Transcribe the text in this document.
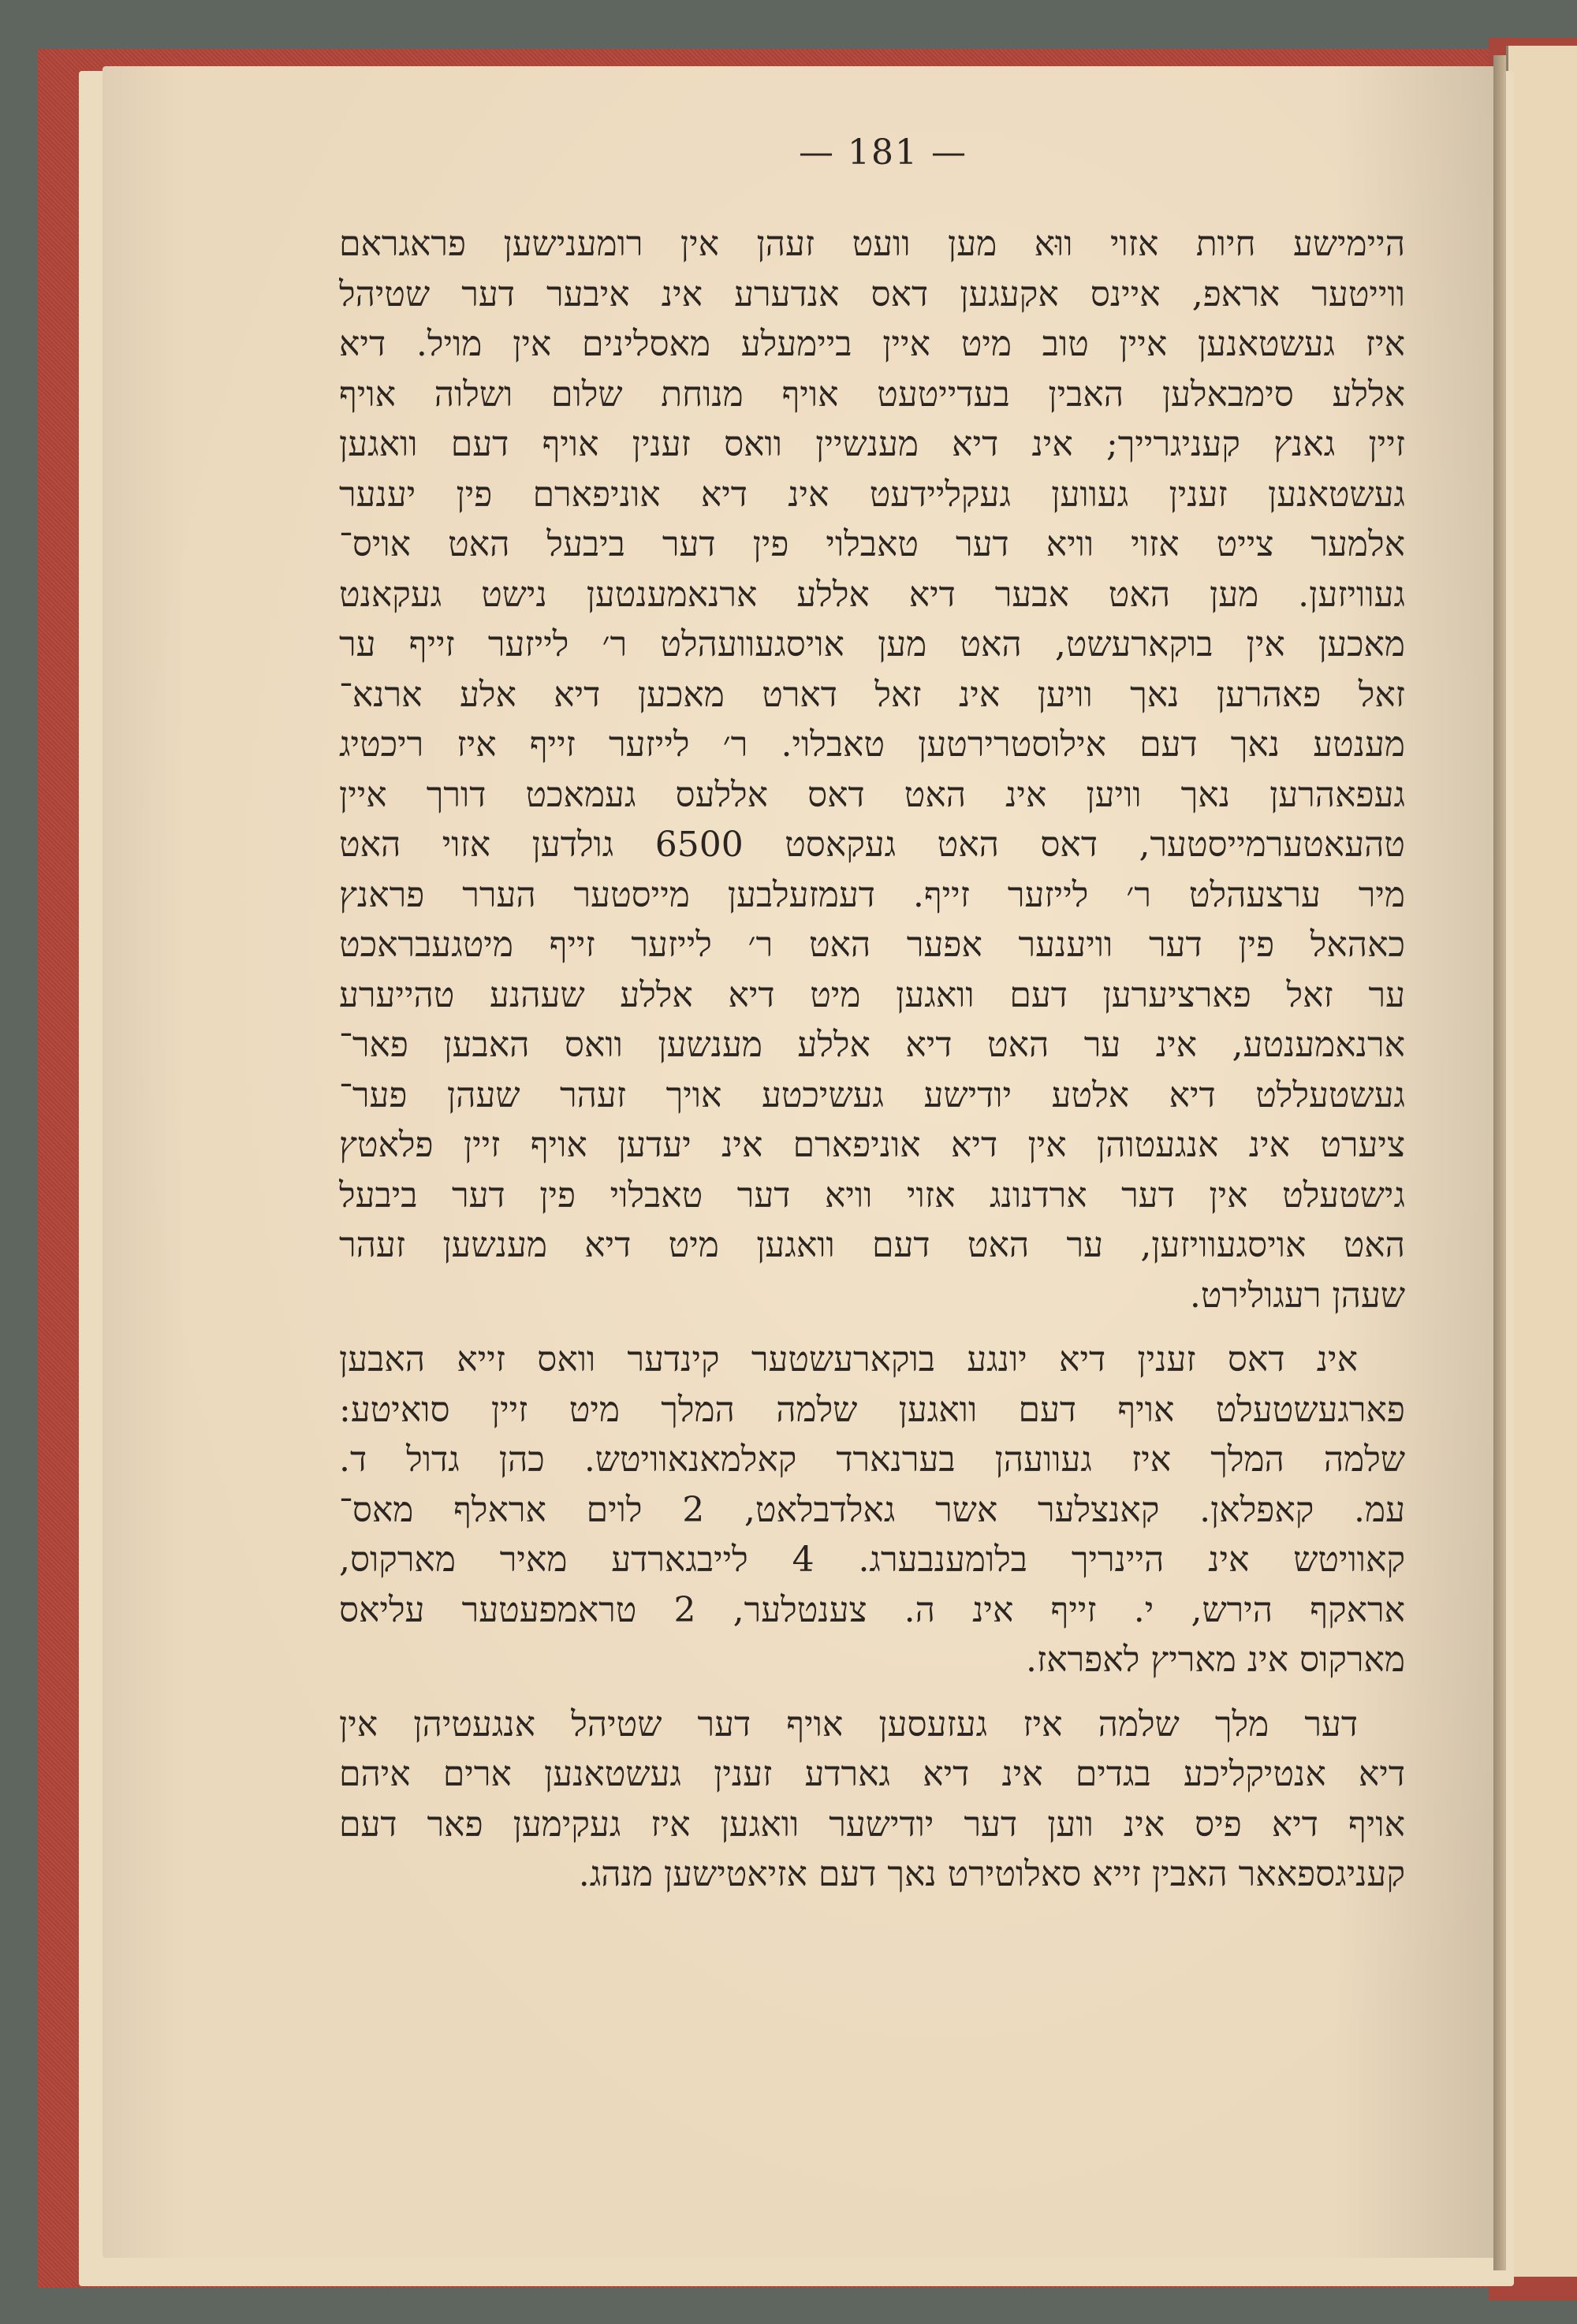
— 181 —
היימישע חיות אזוי ווּא מען וועט זעהן אין רומענישען פראגראם
ווייטער אראפ, איינס אקעגען דאס אנדערע אינ איבער דער שטיהל
איז געשטאנען איין טוב מיט איין ביימעלע מאסלינים אין מויל. דיא
אללע סימבאלען האבין בעדייטעט אויף מנוחת שלום ושלוה אויף
זיין גאנץ קעניגרייך; אינ דיא מענשיין וואס זענין אויף דעם וואגען
געשטאנען זענין געווען געקליידעט אינ דיא אוניפארם פין יענער
אלמער צייט אזוי וויא דער טאבלוי פין דער ביבעל האט אויס־
געוויזען. מען האט אבער דיא אללע ארנאמענטען נישט געקאנט
מאכען אין בוקארעשט, האט מען אויסגעוועהלט ר׳ לייזער זייף ער
זאל פאהרען נאך וויען אינ זאל דארט מאכען דיא אלע ארנא־
מענטע נאך דעם אילוסטרירטען טאבלוי. ר׳ לייזער זייף איז ריכטיג
געפאהרען נאך וויען אינ האט דאס אללעס געמאכט דורך איין
טהעאטערמייסטער, דאס האט געקאסט 6500 גולדען אזוי האט
מיר ערצעהלט ר׳ לייזער זייף. דעמזעלבען מייסטער הערר פראנץ
כאהאל פין דער וויענער אפער האט ר׳ לייזער זייף מיטגעבראכט
ער זאל פארציערען דעם וואגען מיט דיא אללע שעהנע טהייערע
ארנאמענטע, אינ ער האט דיא אללע מענשען וואס האבען פאר־
געשטעללט דיא אלטע יודישע געשיכטע אויך זעהר שעהן פער־
ציערט אינ אנגעטוהן אין דיא אוניפארם אינ יעדען אויף זיין פלאטץ
גישטעלט אין דער ארדנונג אזוי וויא דער טאבלוי פין דער ביבעל
האט אויסגעוויזען, ער האט דעם וואגען מיט דיא מענשען זעהר
שעהן רעגולירט.
אינ דאס זענין דיא יונגע בוקארעשטער קינדער וואס זייא האבען
פארגעשטעלט אויף דעם וואגען שלמה המלך מיט זיין סואיטע:
שלמה המלך איז געוועהן בערנארד קאלמאנאוויטש. כהן גדול ד.
עמ. קאפלאן. קאנצלער אשר גאלדבלאט, 2 לוים אראלף מאס־
קאוויטש אינ היינריך בלומענבערג. 4 לייבגארדע מאיר מארקוס,
אראקף הירש, י. זייף אינ ה. צענטלער, 2 טראמפעטער עליאס
מארקוס אינ מאריץ לאפראז.
דער מלך שלמה איז געזעסען אויף דער שטיהל אנגעטיהן אין
דיא אנטיקליכע בגדים אינ דיא גארדע זענין געשטאנען ארים איהם
אויף דיא פיס אינ ווען דער יודישער וואגען איז געקימען פאר דעם
קעניגספאאר האבין זייא סאלוטירט נאך דעם אזיאטישען מנהג.
